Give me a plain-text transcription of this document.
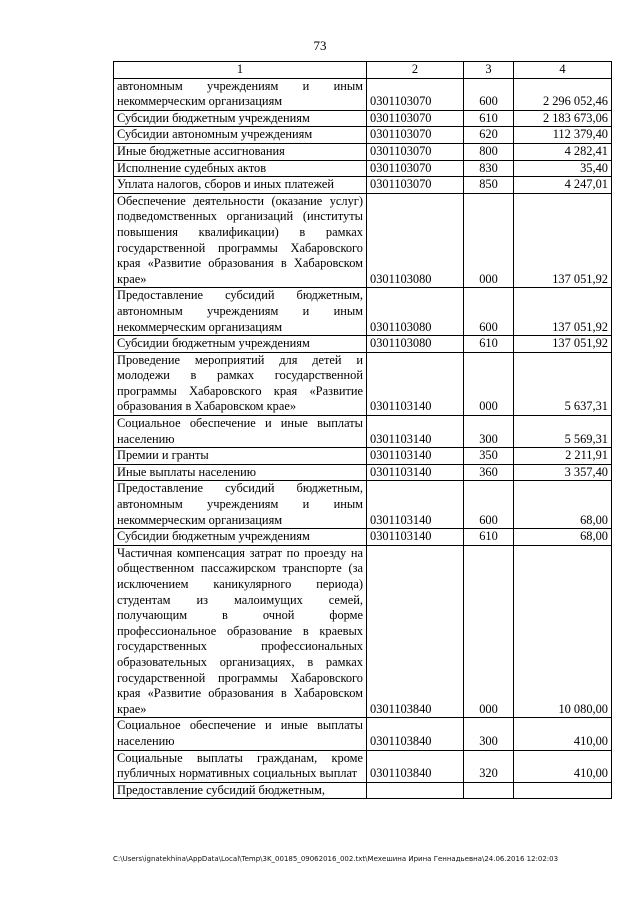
73
1	2	3	4
автономным учреждениям и иным некоммерческим организациям	0301103070	600	2 296 052,46
Субсидии бюджетным учреждениям	0301103070	610	2 183 673,06
Субсидии автономным учреждениям	0301103070	620	112 379,40
Иные бюджетные ассигнования	0301103070	800	4 282,41
Исполнение судебных актов	0301103070	830	35,40
Уплата налогов, сборов и иных платежей	0301103070	850	4 247,01
Обеспечение деятельности (оказание услуг) подведомственных организаций (институты повышения квалификации) в рамках государственной программы Хабаровского края «Развитие образования в Хабаровском крае»	0301103080	000	137 051,92
Предоставление субсидий бюджетным, автономным учреждениям и иным некоммерческим организациям	0301103080	600	137 051,92
Субсидии бюджетным учреждениям	0301103080	610	137 051,92
Проведение мероприятий для детей и молодежи в рамках государственной программы Хабаровского края «Развитие образования в Хабаровском крае»	0301103140	000	5 637,31
Социальное обеспечение и иные выплаты населению	0301103140	300	5 569,31
Премии и гранты	0301103140	350	2 211,91
Иные выплаты населению	0301103140	360	3 357,40
Предоставление субсидий бюджетным, автономным учреждениям и иным некоммерческим организациям	0301103140	600	68,00
Субсидии бюджетным учреждениям	0301103140	610	68,00
Частичная компенсация затрат по проезду на общественном пассажирском транспорте (за исключением каникулярного периода) студентам из малоимущих семей, получающим в очной форме профессиональное образование в краевых государственных профессиональных образовательных организациях, в рамках государственной программы Хабаровского края «Развитие образования в Хабаровском крае»	0301103840	000	10 080,00
Социальное обеспечение и иные выплаты населению	0301103840	300	410,00
Социальные выплаты гражданам, кроме публичных нормативных социальных выплат	0301103840	320	410,00
Предоставление субсидий бюджетным,			
C:\Users\ignatekhina\AppData\Local\Temp\3K_00185_09062016_002.txt\Мехешина Ирина Геннадьевна\24.06.2016 12:02:03
